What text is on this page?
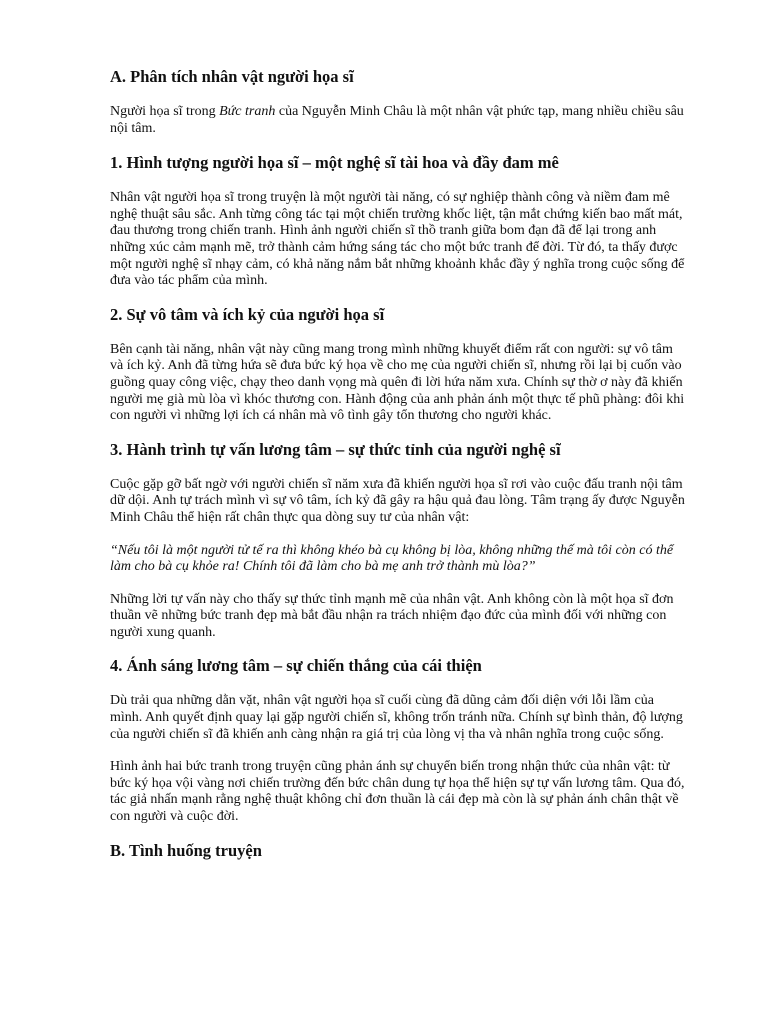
A. Phân tích nhân vật người họa sĩ

Người họa sĩ trong Bức tranh của Nguyễn Minh Châu là một nhân vật phức tạp, mang nhiều chiều sâu nội tâm.

1. Hình tượng người họa sĩ – một nghệ sĩ tài hoa và đầy đam mê

Nhân vật người họa sĩ trong truyện là một người tài năng, có sự nghiệp thành công và niềm đam mê nghệ thuật sâu sắc. Anh từng công tác tại một chiến trường khốc liệt, tận mắt chứng kiến bao mất mát, đau thương trong chiến tranh. Hình ảnh người chiến sĩ thồ tranh giữa bom đạn đã để lại trong anh những xúc cảm mạnh mẽ, trở thành cảm hứng sáng tác cho một bức tranh để đời. Từ đó, ta thấy được một người nghệ sĩ nhạy cảm, có khả năng nắm bắt những khoảnh khắc đầy ý nghĩa trong cuộc sống để đưa vào tác phẩm của mình.

2. Sự vô tâm và ích kỷ của người họa sĩ

Bên cạnh tài năng, nhân vật này cũng mang trong mình những khuyết điểm rất con người: sự vô tâm và ích kỷ. Anh đã từng hứa sẽ đưa bức ký họa về cho mẹ của người chiến sĩ, nhưng rồi lại bị cuốn vào guồng quay công việc, chạy theo danh vọng mà quên đi lời hứa năm xưa. Chính sự thờ ơ này đã khiến người mẹ già mù lòa vì khóc thương con. Hành động của anh phản ánh một thực tế phũ phàng: đôi khi con người vì những lợi ích cá nhân mà vô tình gây tổn thương cho người khác.

3. Hành trình tự vấn lương tâm – sự thức tỉnh của người nghệ sĩ

Cuộc gặp gỡ bất ngờ với người chiến sĩ năm xưa đã khiến người họa sĩ rơi vào cuộc đấu tranh nội tâm dữ dội. Anh tự trách mình vì sự vô tâm, ích kỷ đã gây ra hậu quả đau lòng. Tâm trạng ấy được Nguyễn Minh Châu thể hiện rất chân thực qua dòng suy tư của nhân vật:

“Nếu tôi là một người tử tế ra thì không khéo bà cụ không bị lòa, không những thế mà tôi còn có thể làm cho bà cụ khỏe ra! Chính tôi đã làm cho bà mẹ anh trở thành mù lòa?”

Những lời tự vấn này cho thấy sự thức tỉnh mạnh mẽ của nhân vật. Anh không còn là một họa sĩ đơn thuần vẽ những bức tranh đẹp mà bắt đầu nhận ra trách nhiệm đạo đức của mình đối với những con người xung quanh.

4. Ánh sáng lương tâm – sự chiến thắng của cái thiện

Dù trải qua những dằn vặt, nhân vật người họa sĩ cuối cùng đã dũng cảm đối diện với lỗi lầm của mình. Anh quyết định quay lại gặp người chiến sĩ, không trốn tránh nữa. Chính sự bình thản, độ lượng của người chiến sĩ đã khiến anh càng nhận ra giá trị của lòng vị tha và nhân nghĩa trong cuộc sống.

Hình ảnh hai bức tranh trong truyện cũng phản ánh sự chuyển biến trong nhận thức của nhân vật: từ bức ký họa vội vàng nơi chiến trường đến bức chân dung tự họa thể hiện sự tự vấn lương tâm. Qua đó, tác giả nhấn mạnh rằng nghệ thuật không chỉ đơn thuần là cái đẹp mà còn là sự phản ánh chân thật về con người và cuộc đời.

B. Tình huống truyện
